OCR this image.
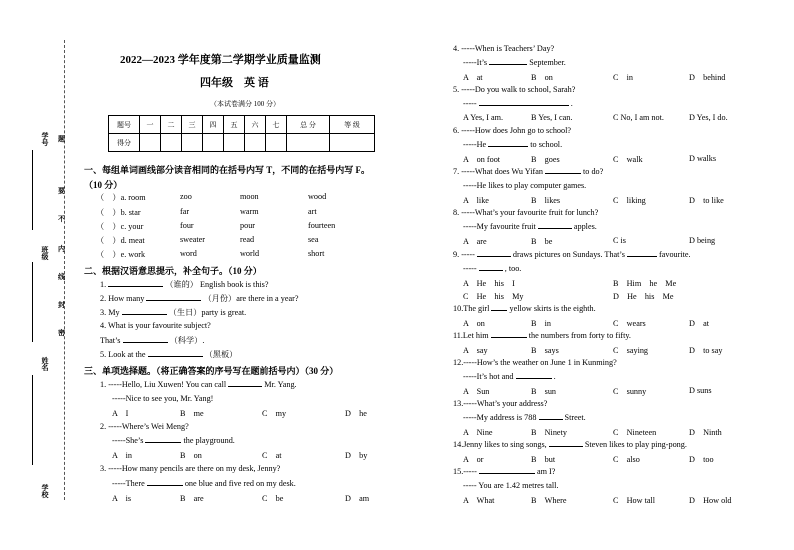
学号
班级
姓名
学校
题
要
不
内
线
封
密
2022—2023 学年度第二学期学业质量监测
四年级　英 语
（本试卷满分 100 分）
题号	一	二	三	四	五	六	七	总 分	等 级
得分									
一、每组单词画线部分读音相同的在括号内写 T，不同的在括号内写 F。
（10 分）
（　）a. room	zoo	moon	wood
（　）b. star	far	warm	art
（　）c. your	four	pour	fourteen
（　）d. meat	sweater	read	sea
（　）e. work	word	world	short
二、根据汉语意思提示，补全句子。（10 分）
1.	（谁的） English book is this?
2. How many	（月份）are there in a year?
3. My	（生日）party is great.
4. What is your favourite subject?
That’s	（科学）.
5. Look at the	（黑板）
三、单项选择题。（将正确答案的序号写在题前括号内）（30 分）
1. -----Hello, Liu Xuwen! You can call	Mr. Yang.
-----Nice to see you, Mr. Yang!
A　I	B　me	C　my	D　he
2. -----Where’s Wei Meng?
-----She’s	the playground.
A　in	B　on	C　at	D　by
3. -----How many pencils are there on my desk, Jenny?
-----There	one blue and five red on my desk.
A　is	B　are	C　be	D　am
4. -----When is Teachers’ Day?
-----It’s	September.
A　at	B　on	C　in	D　behind
5. -----Do you walk to school, Sarah?
-----	.
A Yes, I am.	B Yes, I can.	C No, I am not.	D Yes, I do.
6. -----How does John go to school?
-----He	to school.
A　on foot	B　goes	C　walk	D walks
7. -----What does Wu Yifan	to do?
-----He likes to play computer games.
A　like	B　likes	C　liking	D　to like
8. -----What’s your favourite fruit for lunch?
-----My favourite fruit	apples.
A　are	B　be	C is	D being
9. -----	draws pictures on Sundays. That’s	favourite.
-----	, too.
A　He　his　I	B　Him　he　Me
C　He　his　My	D　He　his　Me
10.The girl yellow skirts is the eighth.
A　on	B　in	C　wears	D　at
11.Let him	the numbers from forty to fifty.
A　say	B　says	C　saying	D　to say
12.-----How’s the weather on June 1 in Kunming?
-----It’s hot and	.
A　Sun	B　sun	C　sunny	D suns
13.-----What’s your address?
-----My address is 788	Street.
A　Nine	B　Ninety	C　Nineteen	D　Ninth
14.Jenny likes to sing songs,	Steven likes to play ping-pong.
A　or	B　but	C　also	D　too
15.-----	am I?
----- You are 1.42 metres tall.
A　What	B　Where	C　How tall	D　How old
